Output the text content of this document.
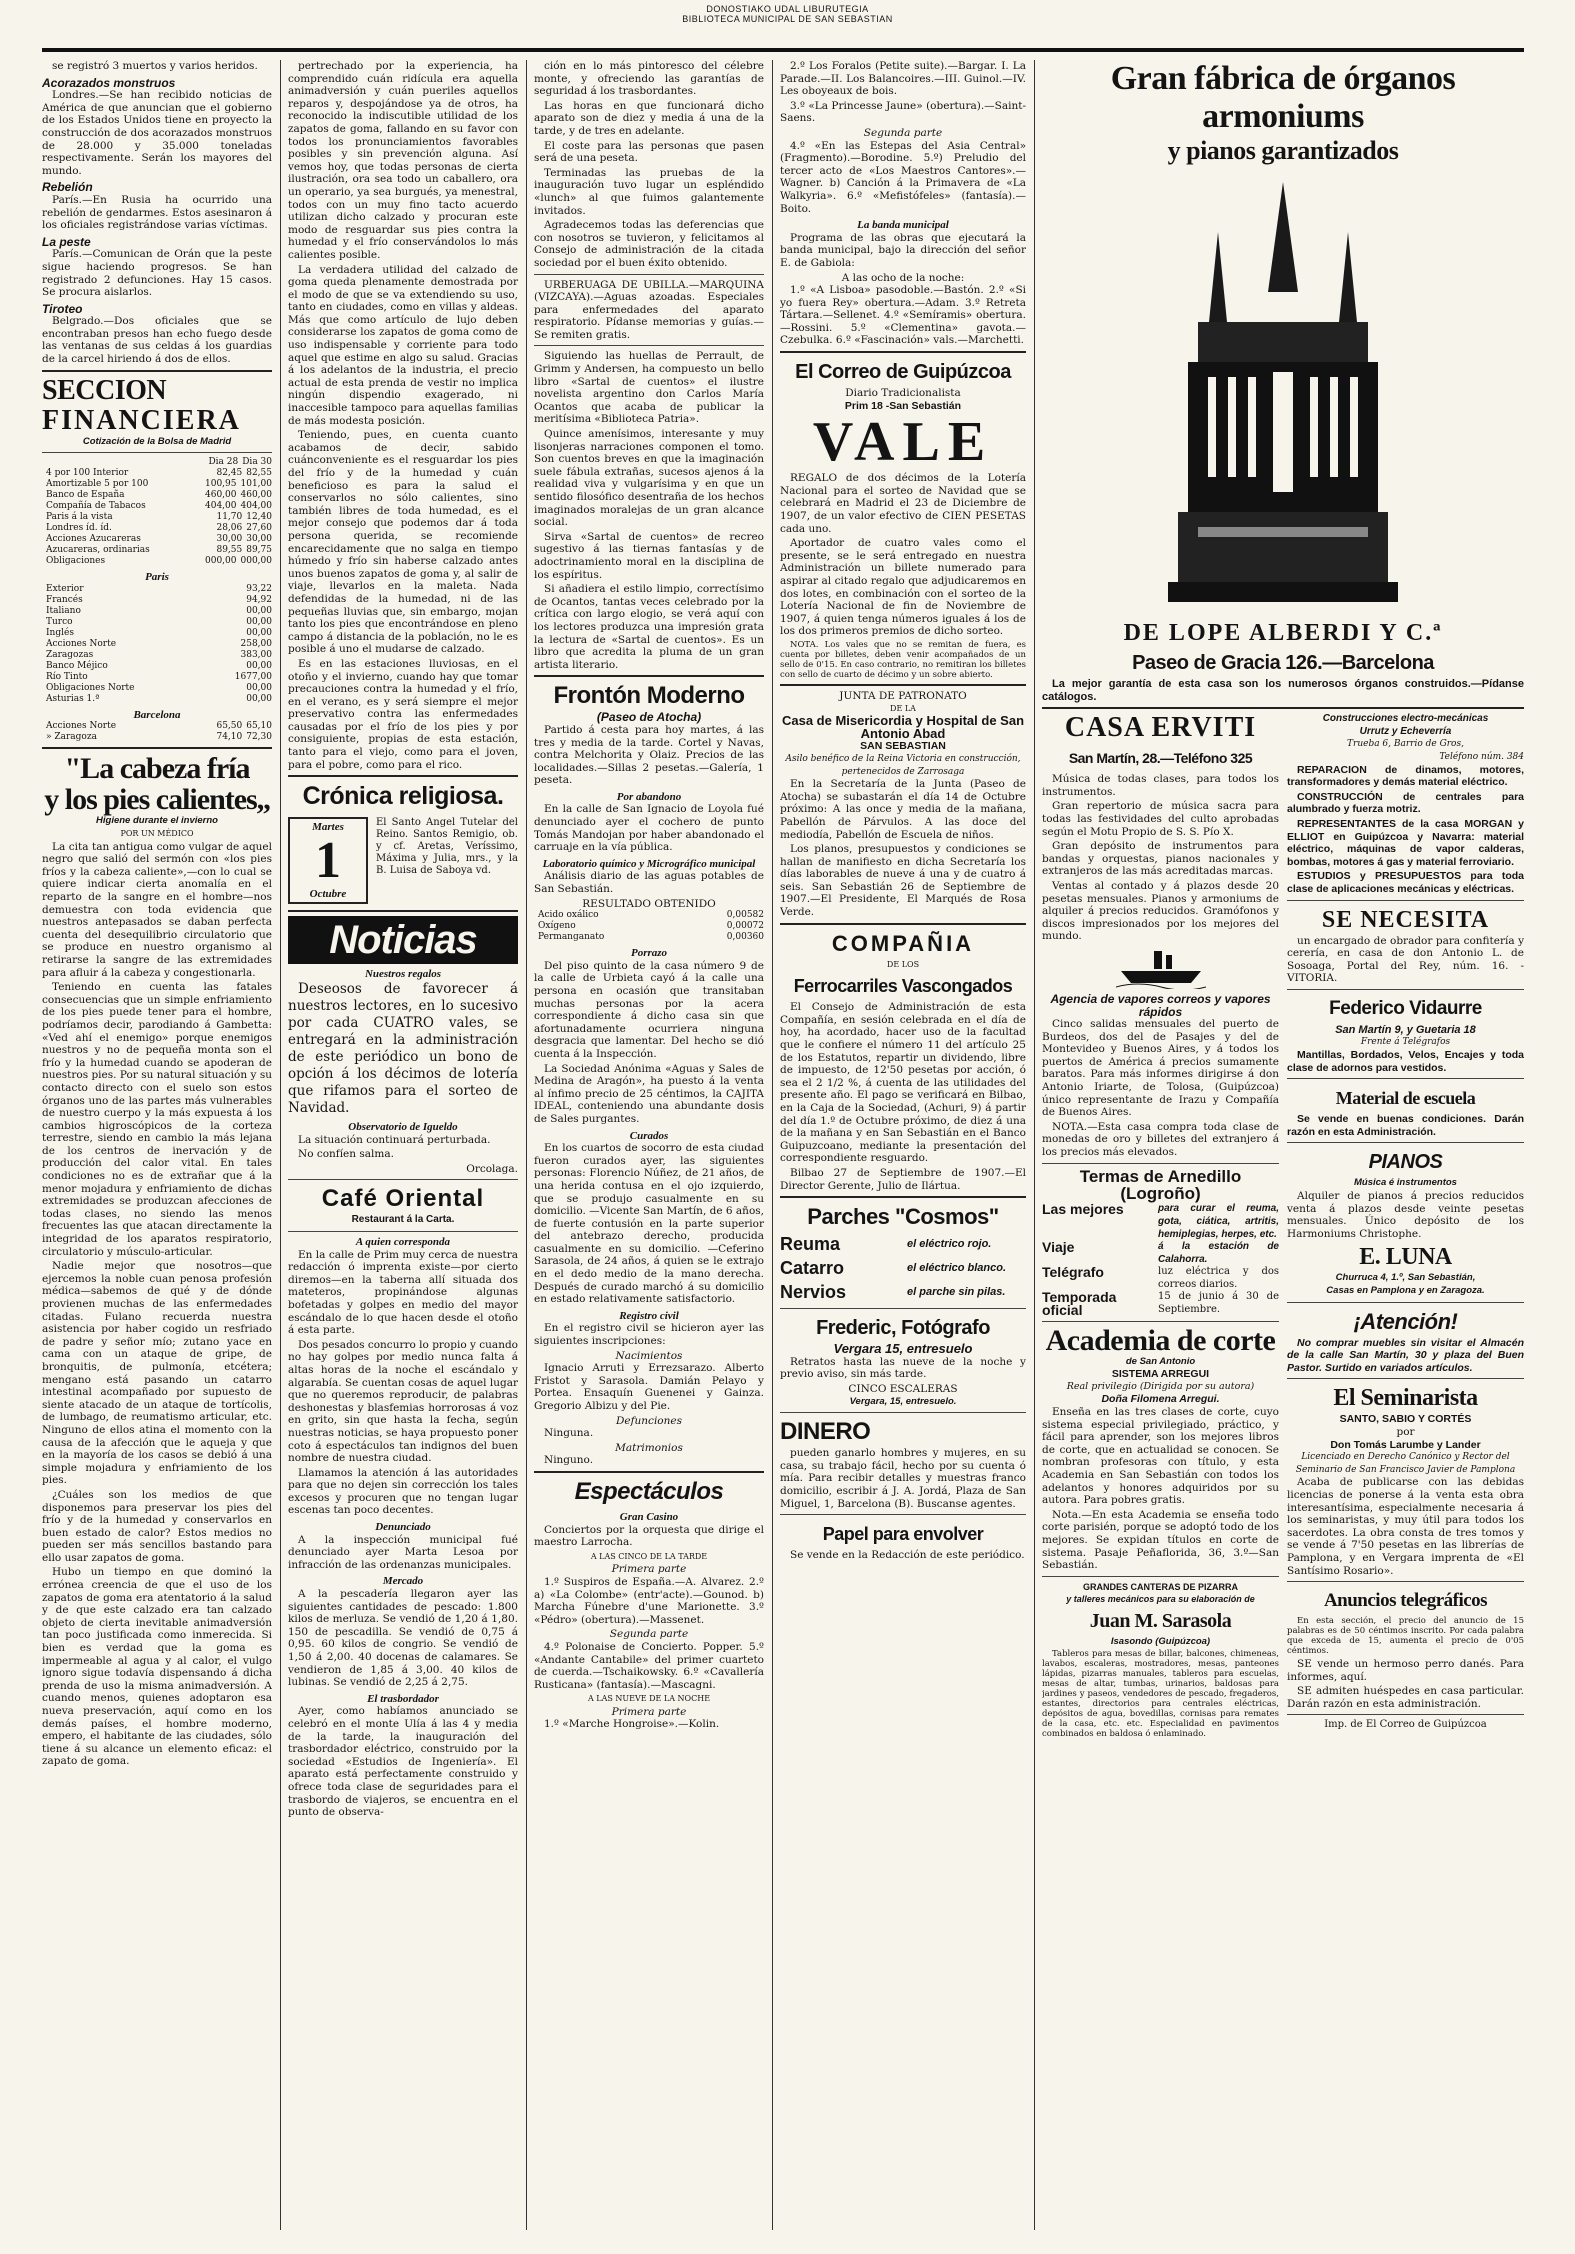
DONOSTIAKO UDAL LIBURUTEGIA
BIBLIOTECA MUNICIPAL DE SAN SEBASTIAN

se registró 3 muertos y varios heridos.

Acorazados monstruos

Londres.—Se han recibido noticias de América de que anuncian que el gobierno de los Estados Unidos tiene en proyecto la construcción de dos acorazados monstruos de 28.000 y 35.000 toneladas respectivamente. Serán los mayores del mundo.

Rebelión

París.—En Rusia ha ocurrido una rebelión de gendarmes. Estos asesinaron á los oficiales registrándose varias víctimas.

La peste

París.—Comunican de Orán que la peste sigue haciendo progresos. Se han registrado 2 defunciones. Hay 15 casos. Se procura aislarlos.

Tiroteo

Belgrado.—Dos oficiales que se encontraban presos han echo fuego desde las ventanas de sus celdas á los guardias de la carcel hiriendo á dos de ellos.

SECCION
FINANCIERA
Cotización de la Bolsa de Madrid
Dia 28 Dia 30
4 por 100 Interior	82,45 82,55
Amortizable 5 por 100	100,95 101,00
Banco de España	460,00 460,00
Compañía de Tabacos	404,00 404,00
Paris á la vista	11,70 12,40
Londres íd. íd.	28,06 27,60
Acciones Azucareras	30,00 30,00
Azucareras, ordinarias	89,55 89,75
Obligaciones	000,00 000,00
Paris
Exterior	93,22
Francés	94,92
Italiano	00,00
Turco	00,00
Inglés	00,00
Acciones Norte	258,00
Zaragozas	383,00
Banco Méjico	00,00
Río Tinto	1677,00
Obligaciones Norte	00,00
Asturias 1.ª	00,00
Barcelona
Acciones Norte	65,50 65,10
» Zaragoza	74,10 72,30
"La cabeza fría
y los pies calientes,,
Higiene durante el invierno
POR UN MÉDICO

La cita tan antigua como vulgar de aquel negro que salió del sermón con «los pies fríos y la cabeza caliente»,—con lo cual se quiere indicar cierta anomalía en el reparto de la sangre en el hombre—nos demuestra con toda evidencia que nuestros antepasados se daban perfecta cuenta del desequilibrio circulatorio que se produce en nuestro organismo al retirarse la sangre de las extremidades para afluir á la cabeza y congestionarla.

Teniendo en cuenta las fatales consecuencias que un simple enfriamiento de los pies puede tener para el hombre, podríamos decir, parodiando á Gambetta: «Ved ahí el enemigo» porque enemigos nuestros y no de pequeña monta son el frío y la humedad cuando se apoderan de nuestros pies. Por su natural situación y su contacto directo con el suelo son estos órganos uno de las partes más vulnerables de nuestro cuerpo y la más expuesta á los cambios higroscópicos de la corteza terrestre, siendo en cambio la más lejana de los centros de inervación y de producción del calor vital. En tales condiciones no es de extrañar que á la menor mojadura y enfriamiento de dichas extremidades se produzcan afecciones de todas clases, no siendo las menos frecuentes las que atacan directamente la integridad de los aparatos respiratorio, circulatorio y músculo-articular.

Nadie mejor que nosotros—que ejercemos la noble cuan penosa profesión médica—sabemos de qué y de dónde provienen muchas de las enfermedades citadas. Fulano recuerda nuestra asistencia por haber cogido un resfriado de padre y señor mío; zutano yace en cama con un ataque de gripe, de bronquitis, de pulmonía, etcétera; mengano está pasando un catarro intestinal acompañado por supuesto de siente atacado de un ataque de tortícolis, de lumbago, de reumatismo articular, etc. Ninguno de ellos atina el momento con la causa de la afección que le aqueja y que en la mayoría de los casos se debió á una simple mojadura y enfriamiento de los pies.

¿Cuáles son los medios de que disponemos para preservar los pies del frío y de la humedad y conservarlos en buen estado de calor? Estos medios no pueden ser más sencillos bastando para ello usar zapatos de goma.

Hubo un tiempo en que dominó la errónea creencia de que el uso de los zapatos de goma era atentatorio á la salud y de que este calzado era tan calzado objeto de cierta inevitable animadversión tan poco justificada como inmerecida. Si bien es verdad que la goma es impermeable al agua y al calor, el vulgo ignoro sigue todavía dispensando á dicha prenda de uso la misma animadversión. A cuando menos, quienes adoptaron esa nueva preservación, aquí como en los demás países, el hombre moderno, empero, el habitante de las ciudades, sólo tiene á su alcance un elemento eficaz: el zapato de goma.

pertrechado por la experiencia, ha comprendido cuán ridícula era aquella animadversión y cuán pueriles aquellos reparos y, despojándose ya de otros, ha reconocido la indiscutible utilidad de los zapatos de goma, fallando en su favor con todos los pronunciamientos favorables posibles y sin prevención alguna. Así vemos hoy, que todas personas de cierta ilustración, ora sea todo un caballero, ora un operario, ya sea burgués, ya menestral, todos con un muy fino tacto acuerdo utilizan dicho calzado y procuran este modo de resguardar sus pies contra la humedad y el frío conservándolos lo más calientes posible.

La verdadera utilidad del calzado de goma queda plenamente demostrada por el modo de que se va extendiendo su uso, tanto en ciudades, como en villas y aldeas. Más que como artículo de lujo deben considerarse los zapatos de goma como de uso indispensable y corriente para todo aquel que estime en algo su salud. Gracias á los adelantos de la industria, el precio actual de esta prenda de vestir no implica ningún dispendio exagerado, ni inaccesible tampoco para aquellas familias de más modesta posición.

Teniendo, pues, en cuenta cuanto acabamos de decir, sabido cuánconveniente es el resguardar los pies del frío y de la humedad y cuán beneficioso es para la salud el conservarlos no sólo calientes, sino también libres de toda humedad, es el mejor consejo que podemos dar á toda persona querida, se recomiende encarecidamente que no salga en tiempo húmedo y frío sin haberse calzado antes unos buenos zapatos de goma y, al salir de viaje, llevarlos en la maleta. Nada defendidas de la humedad, ni de las pequeñas lluvias que, sin embargo, mojan tanto los pies que encontrándose en pleno campo á distancia de la población, no le es posible á uno el mudarse de calzado.

Es en las estaciones lluviosas, en el otoño y el invierno, cuando hay que tomar precauciones contra la humedad y el frío, en el verano, es y será siempre el mejor preservativo contra las enfermedades causadas por el frío de los pies y por consiguiente, propias de esta estación, tanto para el viejo, como para el joven, para el pobre, como para el rico.

Crónica religiosa.
Martes
1
Octubre
El Santo Angel Tutelar del Reino. Santos Remigio, ob. y cf. Aretas, Veríssimo, Máxima y Julia, mrs., y la B. Luisa de Saboya vd.
Noticias
Nuestros regalos

Deseosos de favorecer á nuestros lectores, en lo sucesivo por cada CUATRO vales, se entregará en la administración de este periódico un bono de opción á los décimos de lotería que rifamos para el sorteo de Navidad.

Observatorio de Igueldo

La situación continuará perturbada.

No confíen salma.

Orcolaga.
Café Oriental
Restaurant á la Carta.
A quien corresponda

En la calle de Prim muy cerca de nuestra redacción ó imprenta existe—por cierto diremos—en la taberna allí situada dos mateteros, propinándose algunas bofetadas y golpes en medio del mayor escándalo de lo que hacen desde el otoño á esta parte.

Dos pesados concurro lo propio y cuando no hay golpes por medio nunca falta á altas horas de la noche el escándalo y algarabía. Se cuentan cosas de aquel lugar que no queremos reproducir, de palabras deshonestas y blasfemias horrorosas á voz en grito, sin que hasta la fecha, según nuestras noticias, se haya propuesto poner coto á espectáculos tan indignos del buen nombre de nuestra ciudad.

Llamamos la atención á las autoridades para que no dejen sin corrección los tales excesos y procuren que no tengan lugar escenas tan poco decentes.

Denunciado

A la inspección municipal fué denunciado ayer Marta Lesoa por infracción de las ordenanzas municipales.

Mercado

A la pescadería llegaron ayer las siguientes cantidades de pescado: 1.800 kilos de merluza. Se vendió de 1,20 á 1,80. 150 de pescadilla. Se vendió de 0,75 á 0,95. 60 kilos de congrio. Se vendió de 1,50 á 2,00. 40 docenas de calamares. Se vendieron de 1,85 á 3,00. 40 kilos de lubinas. Se vendió de 2,25 á 2,75.

El trasbordador

Ayer, como habíamos anunciado se celebró en el monte Ulía á las 4 y media de la tarde, la inauguración del trasbordador eléctrico, construido por la sociedad «Estudios de Ingeniería». El aparato está perfectamente construido y ofrece toda clase de seguridades para el trasbordo de viajeros, se encuentra en el punto de observa-

ción en lo más pintoresco del célebre monte, y ofreciendo las garantías de seguridad á los trasbordantes.

Las horas en que funcionará dicho aparato son de diez y media á una de la tarde, y de tres en adelante.

El coste para las personas que pasen será de una peseta.

Terminadas las pruebas de la inauguración tuvo lugar un espléndido «lunch» al que fuimos galantemente invitados.

Agradecemos todas las deferencias que con nosotros se tuvieron, y felicitamos al Consejo de administración de la citada sociedad por el buen éxito obtenido.

URBERUAGA DE UBILLA.—MARQUINA (VIZCAYA).—Aguas azoadas. Especiales para enfermedades del aparato respiratorio. Pídanse memorias y guías.—Se remiten gratis.

Siguiendo las huellas de Perrault, de Grimm y Andersen, ha compuesto un bello libro «Sartal de cuentos» el ilustre novelista argentino don Carlos María Ocantos que acaba de publicar la meritísima «Biblioteca Patria».

Quince amenísimos, interesante y muy lisonjeras narraciones componen el tomo. Son cuentos breves en que la imaginación suele fábula extrañas, sucesos ajenos á la realidad viva y vulgarísima y en que un sentido filosófico desentraña de los hechos imaginados moralejas de un gran alcance social.

Sirva «Sartal de cuentos» de recreo sugestivo á las tiernas fantasías y de adoctrinamiento moral en la disciplina de los espíritus.

Si añadiera el estilo limpio, correctísimo de Ocantos, tantas veces celebrado por la crítica con largo elogio, se verá aquí con los lectores produzca una impresión grata la lectura de «Sartal de cuentos». Es un libro que acredita la pluma de un gran artista literario.

Frontón Moderno
(Paseo de Atocha)

Partido á cesta para hoy martes, á las tres y media de la tarde. Cortel y Navas, contra Melchorita y Olaiz. Precios de las localidades.—Sillas 2 pesetas.—Galería, 1 peseta.

Por abandono

En la calle de San Ignacio de Loyola fué denunciado ayer el cochero de punto Tomás Mandojan por haber abandonado el carruaje en la vía pública.

Laboratorio químico y Micrográfico municipal

Análisis diario de las aguas potables de San Sebastián.

RESULTADO OBTENIDO
Acido oxálico	0,00582
Oxígeno	0,00072
Permanganato	0,00360
Porrazo

Del piso quinto de la casa número 9 de la calle de Urbieta cayó á la calle una persona en ocasión que transitaban muchas personas por la acera correspondiente á dicho casa sin que afortunadamente ocurriera ninguna desgracia que lamentar. Del hecho se dió cuenta á la Inspección.

La Sociedad Anónima «Aguas y Sales de Medina de Aragón», ha puesto á la venta al ínfimo precio de 25 céntimos, la CAJITA IDEAL, conteniendo una abundante dosis de Sales purgantes.

Curados

En los cuartos de socorro de esta ciudad fueron curados ayer, las siguientes personas: Florencio Núñez, de 21 años, de una herida contusa en el ojo izquierdo, que se produjo casualmente en su domicilio. —Vicente San Martín, de 6 años, de fuerte contusión en la parte superior del antebrazo derecho, producida casualmente en su domicilio. —Ceferino Sarasola, de 24 años, á quien se le extrajo en el dedo medio de la mano derecha. Después de curado marchó á su domicilio en estado relativamente satisfactorio.

Registro civil

En el registro civil se hicieron ayer las siguientes inscripciones:

Nacimientos

Ignacio Arruti y Errezsarazo. Alberto Fristot y Sarasola. Damián Pelayo y Portea. Ensaquín Guenenei y Gainza. Gregorio Albizu y del Pie.

Defunciones

Ninguna.

Matrimonios

Ninguno.

Espectáculos
Gran Casino

Conciertos por la orquesta que dirige el maestro Larrocha.

A LAS CINCO DE LA TARDE
Primera parte

1.º Suspiros de España.—A. Alvarez. 2.º a) «La Colombe» (entr'acte).—Gounod. b) Marcha Fúnebre d'une Marionette. 3.º «Pédro» (obertura).—Massenet.

Segunda parte

4.º Polonaise de Concierto. Popper. 5.º «Andante Cantabile» del primer cuarteto de cuerda.—Tschaikowsky. 6.º «Cavallería Rusticana» (fantasía).—Mascagni.

A LAS NUEVE DE LA NOCHE
Primera parte

1.º «Marche Hongroise».—Kolin.

2.º Los Foralos (Petite suite).—Bargar. I. La Parade.—II. Los Balancoires.—III. Guinol.—IV. Les oboyeaux de bois.

3.º «La Princesse Jaune» (obertura).—Saint-Saens.

Segunda parte

4.º «En las Estepas del Asia Central» (Fragmento).—Borodine. 5.º) Preludio del tercer acto de «Los Maestros Cantores».—Wagner. b) Canción á la Primavera de «La Walkyria». 6.º «Mefistófeles» (fantasía).—Boito.

La banda municipal

Programa de las obras que ejecutará la banda municipal, bajo la dirección del señor E. de Gabiola:

A las ocho de la noche:

1.º «A Lisboa» pasodoble.—Bastón. 2.º «Si yo fuera Rey» obertura.—Adam. 3.º Retreta Tártara.—Sellenet. 4.º «Semíramis» obertura.—Rossini. 5.º «Clementina» gavota.—Czebulka. 6.º «Fascinación» vals.—Marchetti.

El Correo de Guipúzcoa
Diario Tradicionalista
Prim 18 -San Sebastián
VALE

REGALO de dos décimos de la Lotería Nacional para el sorteo de Navidad que se celebrará en Madrid el 23 de Diciembre de 1907, de un valor efectivo de CIEN PESETAS cada uno.

Aportador de cuatro vales como el presente, se le será entregado en nuestra Administración un billete numerado para aspirar al citado regalo que adjudicaremos en dos lotes, en combinación con el sorteo de la Lotería Nacional de fin de Noviembre de 1907, á quien tenga números iguales á los de los dos primeros premios de dicho sorteo.

NOTA. Los vales que no se remitan de fuera, es cuenta por billetes, deben venir acompañados de un sello de 0'15. En caso contrario, no remitiran los billetes con sello de cuarto de décimo y un sobre abierto.

JUNTA DE PATRONATO
DE LA
Casa de Misericordia y Hospital de San Antonio Abad
SAN SEBASTIAN
Asilo benéfico de la Reina Victoria en construcción, pertenecidos de Zarrosaga

En la Secretaría de la Junta (Paseo de Atocha) se subastarán el día 14 de Octubre próximo: A las once y media de la mañana, Pabellón de Párvulos. A las doce del mediodía, Pabellón de Escuela de niños.

Los planos, presupuestos y condiciones se hallan de manifiesto en dicha Secretaría los días laborables de nueve á una y de cuatro á seis. San Sebastián 26 de Septiembre de 1907.—El Presidente, El Marqués de Rosa Verde.

COMPAÑIA
DE LOS
Ferrocarriles Vascongados

El Consejo de Administración de esta Compañía, en sesión celebrada en el día de hoy, ha acordado, hacer uso de la facultad que le confiere el número 11 del artículo 25 de los Estatutos, repartir un dividendo, libre de impuesto, de 12'50 pesetas por acción, ó sea el 2 1/2 %, á cuenta de las utilidades del presente año. El pago se verificará en Bilbao, en la Caja de la Sociedad, (Achuri, 9) á partir del día 1.º de Octubre próximo, de diez á una de la mañana y en San Sebastián en el Banco Guipuzcoano, mediante la presentación del correspondiente resguardo.

Bilbao 27 de Septiembre de 1907.—El Director Gerente, Julio de Ilártua.

Parches "Cosmos"
Reuma
Catarro
Nervios
el eléctrico rojo.
el eléctrico blanco.
el parche sin pilas.
Frederic, Fotógrafo
Vergara 15, entresuelo

Retratos hasta las nueve de la noche y previo aviso, sin más tarde.

CINCO ESCALERAS
Vergara, 15, entresuelo.
DINERO

pueden ganarlo hombres y mujeres, en su casa, su trabajo fácil, hecho por su cuenta ó mía. Para recibir detalles y muestras franco domicilio, escribir á J. A. Jordá, Plaza de San Miguel, 1, Barcelona (B). Buscanse agentes.

Papel para envolver

Se vende en la Redacción de este periódico.

Gran fábrica de órganos armoniums
y pianos garantizados
DE LOPE ALBERDI Y C.ª
Paseo de Gracia 126.—Barcelona

La mejor garantía de esta casa son los numerosos órganos construidos.—Pídanse catálogos.

CASA ERVITI
San Martín, 28.—Teléfono 325

Música de todas clases, para todos los instrumentos.

Gran repertorio de música sacra para todas las festividades del culto aprobadas según el Motu Propio de S. S. Pío X.

Gran depósito de instrumentos para bandas y orquestas, pianos nacionales y extranjeros de las más acreditadas marcas.

Ventas al contado y á plazos desde 20 pesetas mensuales. Pianos y armoniums de alquiler á precios reducidos. Gramófonos y discos impresionados por los mejores del mundo.

Agencia de vapores correos y vapores rápidos

Cinco salidas mensuales del puerto de Burdeos, dos del de Pasajes y del de Montevideo y Buenos Aires, y á todos los puertos de América á precios sumamente baratos. Para más informes dirigirse á don Antonio Iriarte, de Tolosa, (Guipúzcoa) único representante de Irazu y Compañía de Buenos Aires.

NOTA.—Esta casa compra toda clase de monedas de oro y billetes del extranjero á los precios más elevados.

Termas de Arnedillo (Logroño)
Las mejores	para curar el reuma, gota, ciática, artritis, hemiplegias, herpes, etc.
Viaje	á la estación de Calahorra.
Telégrafo	luz eléctrica y dos correos diarios.
Temporada oficial
15 de junio á 30 de Septiembre.
Academia de corte
de San Antonio
SISTEMA ARREGUI
Real privilegio (Dirigida por su autora)
Doña Filomena Arregui.

Enseña en las tres clases de corte, cuyo sistema especial privilegiado, práctico, y fácil para aprender, son los mejores libros de corte, que en actualidad se conocen. Se nombran profesoras con título, y esta Academia en San Sebastián con todos los adelantos y honores adquiridos por su autora. Para pobres gratis.

Nota.—En esta Academia se enseña todo corte parisién, porque se adoptó todo de los mejores. Se expidan títulos en corte de sistema. Pasaje Peñaflorida, 36, 3.º—San Sebastián.

GRANDES CANTERAS DE PIZARRA
y talleres mecánicos para su elaboración de
Juan M. Sarasola
Isasondo (Guipúzcoa)

Tableros para mesas de billar, balcones, chimeneas, lavabos, escaleras, mostradores, mesas, panteones lápidas, pizarras manuales, tableros para escuelas, mesas de altar, tumbas, urinarios, baldosas para jardines y paseos, vendedores de pescado, fregaderos, estantes, directorios para centrales eléctricas, depósitos de agua, bovedillas, cornisas para remates de la casa, etc. etc. Especialidad en pavimentos combinados en baldosa ó enlaminado.

Construcciones electro-mecánicas
Urrutz y Echeverría
Trueba 6, Barrio de Gros,
Teléfono núm. 384

REPARACION de dinamos, motores, transformadores y demás material eléctrico.

CONSTRUCCIÓN de centrales para alumbrado y fuerza motriz.

REPRESENTANTES de la casa MORGAN y ELLIOT en Guipúzcoa y Navarra: material eléctrico, máquinas de vapor calderas, bombas, motores á gas y material ferroviario.

ESTUDIOS y PRESUPUESTOS para toda clase de aplicaciones mecánicas y eléctricas.

SE NECESITA

un encargado de obrador para confitería y cerería, en casa de don Antonio L. de Sosoaga, Portal del Rey, núm. 16. - VITORIA.

Federico Vidaurre
San Martín 9, y Guetaria 18
Frente á Telégrafos

Mantillas, Bordados, Velos, Encajes y toda clase de adornos para vestidos.

Material de escuela

Se vende en buenas condiciones. Darán razón en esta Administración.

PIANOS
Música é instrumentos

Alquiler de pianos á precios reducidos venta á plazos desde veinte pesetas mensuales. Único depósito de los Harmoniums Christophe.

E. LUNA
Churruca 4, 1.º, San Sebastián,
Casas en Pamplona y en Zaragoza.
¡Atención!

No comprar muebles sin visitar el Almacén de la calle San Martín, 30 y plaza del Buen Pastor. Surtido en variados artículos.

El Seminarista
SANTO, SABIO Y CORTÉS
por
Don Tomás Larumbe y Lander
Licenciado en Derecho Canónico y Rector del Seminario de San Francisco Javier de Pamplona

Acaba de publicarse con las debidas licencias de ponerse á la venta esta obra interesantísima, especialmente necesaria á los seminaristas, y muy útil para todos los sacerdotes. La obra consta de tres tomos y se vende á 7'50 pesetas en las librerías de Pamplona, y en Vergara imprenta de «El Santísimo Rosario».

Anuncios telegráficos

En esta sección, el precio del anuncio de 15 palabras es de 50 céntimos inscrito. Por cada palabra que exceda de 15, aumenta el precio de 0'05 céntimos.

SE vende un hermoso perro danés. Para informes, aquí.

SE admiten huéspedes en casa particular. Darán razón en esta administración.

Imp. de El Correo de Guipúzcoa
